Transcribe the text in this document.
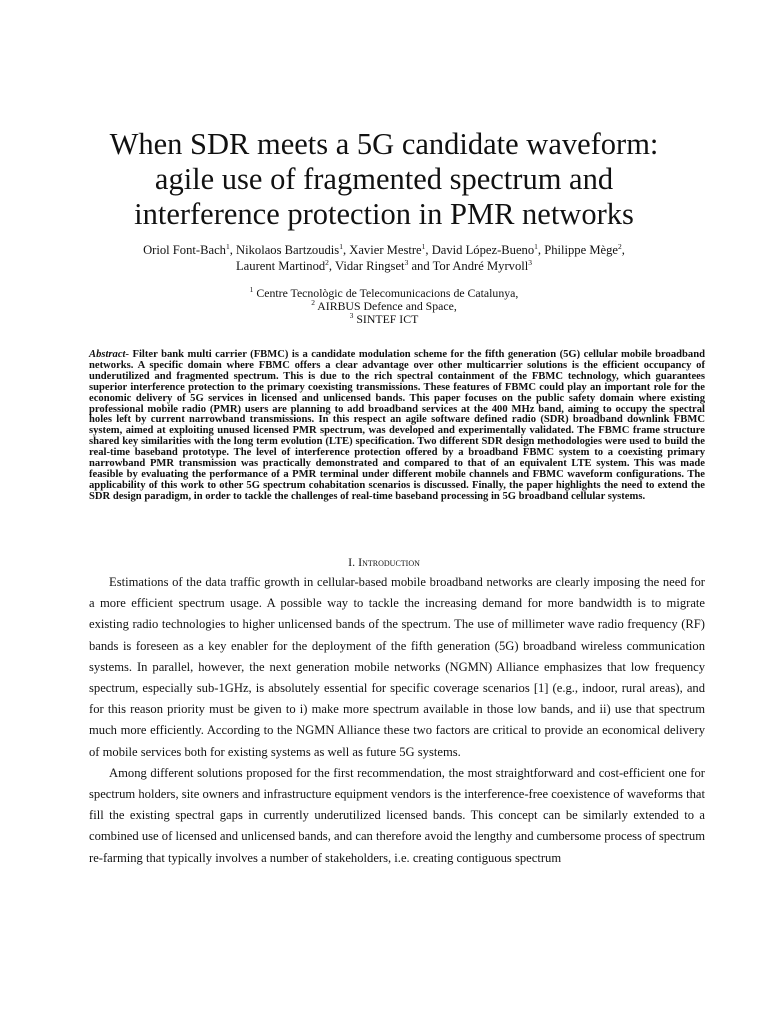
When SDR meets a 5G candidate waveform:
agile use of fragmented spectrum and
interference protection in PMR networks
Oriol Font-Bach$^1$, Nikolaos Bartzoudis$^1$, Xavier Mestre$^1$, David López-Bueno$^1$, Philippe Mège$^2$,
Laurent Martinod$^2$, Vidar Ringset$^3$ and Tor André Myrvoll$^3$
$^1$ Centre Tecnològic de Telecomunicacions de Catalunya,
$^2$ AIRBUS Defence and Space,
$^3$ SINTEF ICT

Abstract- Filter bank multi carrier (FBMC) is a candidate modulation scheme for the fifth generation (5G) cellular mobile broadband networks. A specific domain where FBMC offers a clear advantage over other multicarrier solutions is the efficient occupancy of underutilized and fragmented spectrum. This is due to the rich spectral containment of the FBMC technology, which guarantees superior interference protection to the primary coexisting transmissions. These features of FBMC could play an important role for the economic delivery of 5G services in licensed and unlicensed bands. This paper focuses on the public safety domain where existing professional mobile radio (PMR) users are planning to add broadband services at the 400 MHz band, aiming to occupy the spectral holes left by current narrowband transmissions. In this respect an agile software defined radio (SDR) broadband downlink FBMC system, aimed at exploiting unused licensed PMR spectrum, was developed and experimentally validated. The FBMC frame structure shared key similarities with the long term evolution (LTE) specification. Two different SDR design methodologies were used to build the real-time baseband prototype. The level of interference protection offered by a broadband FBMC system to a coexisting primary narrowband PMR transmission was practically demonstrated and compared to that of an equivalent LTE system. This was made feasible by evaluating the performance of a PMR terminal under different mobile channels and FBMC waveform configurations. The applicability of this work to other 5G spectrum cohabitation scenarios is discussed. Finally, the paper highlights the need to extend the SDR design paradigm, in order to tackle the challenges of real-time baseband processing in 5G broadband cellular systems.

I. Introduction

Estimations of the data traffic growth in cellular-based mobile broadband networks are clearly imposing the need for a more efficient spectrum usage. A possible way to tackle the increasing demand for more bandwidth is to migrate existing radio technologies to higher unlicensed bands of the spectrum. The use of millimeter wave radio frequency (RF) bands is foreseen as a key enabler for the deployment of the fifth generation (5G) broadband wireless communication systems. In parallel, however, the next generation mobile networks (NGMN) Alliance emphasizes that low frequency spectrum, especially sub-1GHz, is absolutely essential for specific coverage scenarios [1] (e.g., indoor, rural areas), and for this reason priority must be given to i) make more spectrum available in those low bands, and ii) use that spectrum much more efficiently. According to the NGMN Alliance these two factors are critical to provide an economical delivery of mobile services both for existing systems as well as future 5G systems.

Among different solutions proposed for the first recommendation, the most straightforward and cost-efficient one for spectrum holders, site owners and infrastructure equipment vendors is the interference-free coexistence of waveforms that fill the existing spectral gaps in currently underutilized licensed bands. This concept can be similarly extended to a combined use of licensed and unlicensed bands, and can therefore avoid the lengthy and cumbersome process of spectrum re-farming that typically involves a number of stakeholders, i.e. creating contiguous spectrum
